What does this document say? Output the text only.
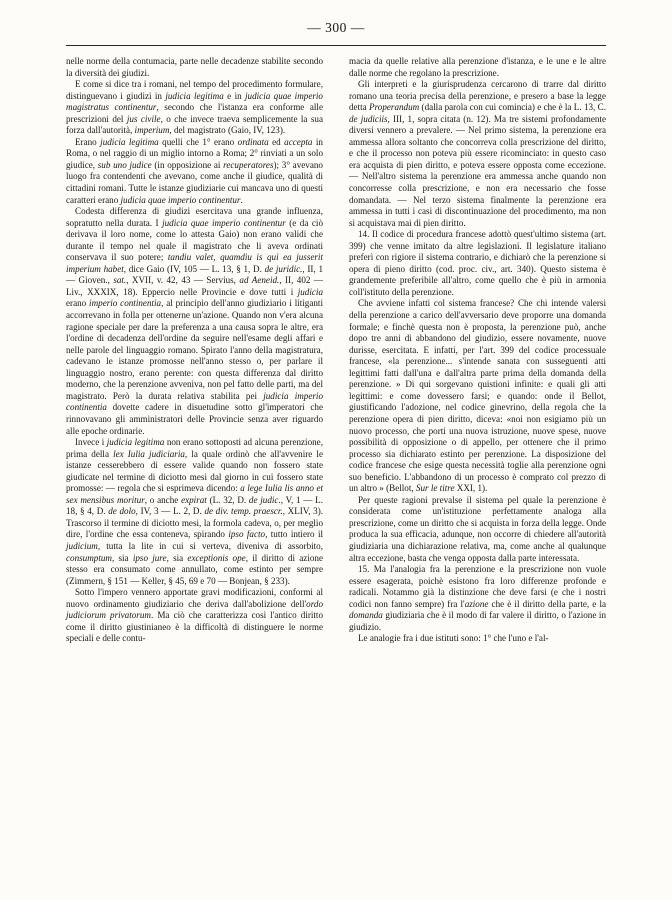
— 300 —

nelle norme della contumacia, parte nelle decadenze stabilite secondo la diversità dei giudizi.

E come si dice tra i romani, nel tempo del procedimento formulare, distinguevano i giudizi in judicia legitima e in judicia quae imperio magistratus continentur, secondo che l'istanza era conforme alle prescrizioni del jus civile, o che invece traeva semplicemente la sua forza dall'autorità, imperium, del magistrato (Gaio, IV, 123).

Erano judicia legitima quelli che 1° erano ordinata ed accepta in Roma, o nel raggio di un miglio intorno a Roma; 2° rinviati a un solo giudice, sub uno judice (in opposizione ai recuperatores); 3° avevano luogo fra contendenti che avevano, come anche il giudice, qualità di cittadini romani. Tutte le istanze giudiziarie cui mancava uno di questi caratteri erano judicia quae imperio continentur.

Codesta differenza di giudizi esercitava una grande influenza, sopratutto nella durata. I judicia quae imperio continentur (e da ciò derivava il loro nome, come lo attesta Gaio) non erano validi che durante il tempo nel quale il magistrato che li aveva ordinati conservava il suo potere; tandiu valet, quamdiu is qui ea jusserit imperium habet, dice Gaio (IV, 105 — L. 13, § 1, D. de juridic., II, 1 — Gioven., sat., XVII, v. 42, 43 — Servius, ad Aeneid., II, 402 — Liv., XXXIX, 18). Eppercio nelle Provincie e dove tutti i judicia erano imperio continentia, al principio dell'anno giudiziario i litiganti accorrevano in folla per ottenerne un'azione. Quando non v'era alcuna ragione speciale per dare la preferenza a una causa sopra le altre, era l'ordine di decadenza dell'ordine da seguire nell'esame degli affari e nelle parole del linguaggio romano. Spirato l'anno della magistratura, cadevano le istanze promosse nell'anno stesso o, per parlare il linguaggio nostro, erano perente: con questa differenza dal diritto moderno, che la perenzione avveniva, non pel fatto delle parti, ma del magistrato. Però la durata relativa stabilita pei judicia imperio continentia dovette cadere in disuetudine sotto gl'imperatori che rinnovavano gli amministratori delle Provincie senza aver riguardo alle epoche ordinarie.

Invece i judicia legitima non erano sottoposti ad alcuna perenzione, prima della lex Iulia judiciaria, la quale ordinò che all'avvenire le istanze cesserebbero di essere valide quando non fossero state giudicate nel termine di diciotto mesi dal giorno in cui fossero state promosse: — regola che si esprimeva dicendo: a lege Iulia lis anno et sex mensibus moritur, o anche expirat (L. 32, D. de judic., V, 1 — L. 18, § 4, D. de dolo, IV, 3 — L. 2, D. de div. temp. praescr., XLIV, 3). Trascorso il termine di diciotto mesi, la formola cadeva, o, per meglio dire, l'ordine che essa conteneva, spirando ipso facto, tutto intiero il judicium, tutta la lite in cui si verteva, diveniva di assorbito, consumptum, sia ipso jure, sia exceptionis ope, il diritto di azione stesso era consumato come annullato, come estinto per sempre (Zimmern, § 151 — Keller, § 45, 69 e 70 — Bonjean, § 233).

Sotto l'impero vennero apportate gravi modificazioni, conformi al nuovo ordinamento giudiziario che deriva dall'abolizione dell'ordo judiciorum privatorum. Ma ciò che caratterizza così l'antico diritto come il diritto giustinianeo è la difficoltà di distinguere le norme speciali e delle contu-

macia da quelle relative alla perenzione d'istanza, e le une e le altre dalle norme che regolano la prescrizione.

Gli interpreti e la giurisprudenza cercarono di trarre dal diritto romano una teoria precisa della perenzione, e presero a base la legge detta Properandum (dalla parola con cui comincia) e che è la L. 13, C. de judiciis, III, 1, sopra citata (n. 12). Ma tre sistemi profondamente diversi vennero a prevalere. — Nel primo sistema, la perenzione era ammessa allora soltanto che concorreva colla prescrizione del diritto, e che il processo non poteva più essere ricominciato: in questo caso era acquista di pien diritto, e poteva essere opposta come eccezione. — Nell'altro sistema la perenzione era ammessa anche quando non concorresse colla prescrizione, e non era necessario che fosse domandata. — Nel terzo sistema finalmente la perenzione era ammessa in tutti i casi di discontinuazione del procedimento, ma non si acquistava mai di pien diritto.

14. Il codice di procedura francese adottò quest'ultimo sistema (art. 399) che venne imitato da altre legislazioni. Il legislature italiano preferì con rigiore il sistema contrario, e dichiarò che la perenzione si opera di pieno diritto (cod. proc. civ., art. 340). Questo sistema è grandemente preferibile all'altro, come quello che è più in armonia coll'istituto della perenzione.

Che avviene infatti col sistema francese? Che chi intende valersi della perenzione a carico dell'avversario deve proporre una domanda formale; e finchè questa non è proposta, la perenzione può, anche dopo tre anni di abbandono del giudizio, essere novamente, nuove durisse, esercitata. E infatti, per l'art. 399 del codice processuale francese, «la perenzione... s'intende sanata con susseguenti atti legittimi fatti dall'una e dall'altra parte prima della domanda della perenzione. » Di qui sorgevano quistioni infinite: e quali gli atti legittimi: e come dovessero farsi; e quando: onde il Bellot, giustificando l'adozione, nel codice ginevrino, della regola che la perenzione opera di pien diritto, diceva: «noi non esigiamo più un nuovo processo, che porti una nuova istruzione, nuove spese, nuove possibilità di opposizione o di appello, per ottenere che il primo processo sia dichiarato estinto per perenzione. La disposizione del codice francese che esige questa necessità toglie alla perenzione ogni suo beneficio. L'abbandono di un processo è comprato col prezzo di un altro » (Bellot, Sur le titre XXI, 1).

Per queste ragioni prevalse il sistema pel quale la perenzione è considerata come un'istituzione perfettamente analoga alla prescrizione, come un diritto che si acquista in forza della legge. Onde produca la sua efficacia, adunque, non occorre di chiedere all'autorità giudiziaria una dichiarazione relativa, ma, come anche al qualunque altra eccezione, basta che venga opposta dalla parte interessata.

15. Ma l'analogia fra la perenzione e la prescrizione non vuole essere esagerata, poichè esistono fra loro differenze profonde e radicali. Notammo già la distinzione che deve farsi (e che i nostri codici non fanno sempre) fra l'azione che è il diritto della parte, e la domanda giudiziaria che è il modo di far valere il diritto, o l'azione in giudizio.

Le analogie fra i due istituti sono: 1° che l'uno e l'al-
